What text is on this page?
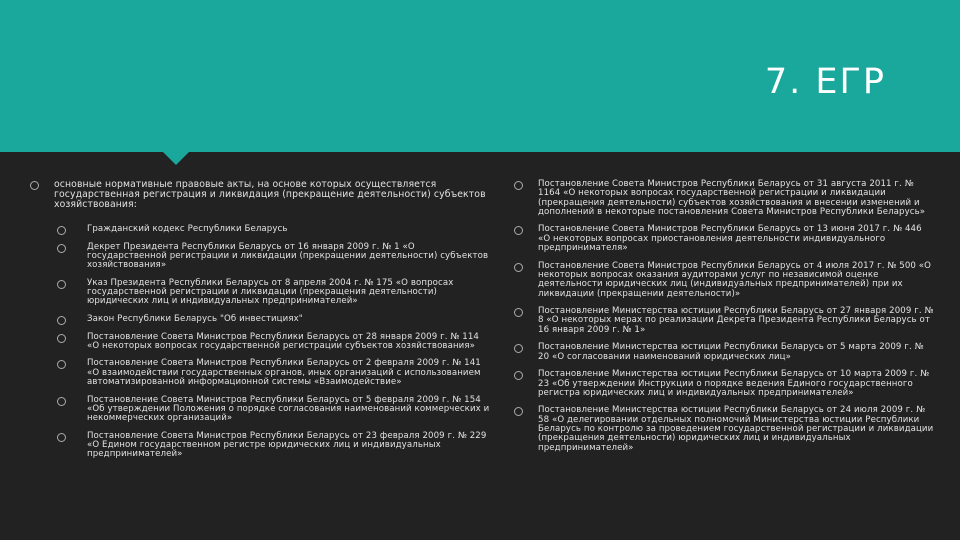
7. ЕГР
основные нормативные правовые акты, на основе которых осуществляется государственная регистрация и ликвидация (прекращение деятельности) субъектов хозяйствования:
Гражданский кодекс Республики Беларусь
Декрет Президента Республики Беларусь от 16 января 2009 г. № 1 «О государственной регистрации и ликвидации (прекращении деятельности) субъектов хозяйствования»
Указ Президента Республики Беларусь от 8 апреля 2004 г. № 175 «О вопросах государственной регистрации и ликвидации (прекращения деятельности) юридических лиц и индивидуальных предпринимателей»
Закон Республики Беларусь "Об инвестициях"
Постановление Совета Министров Республики Беларусь от 28 января 2009 г. № 114 «О некоторых вопросах государственной регистрации субъектов хозяйствования»
Постановление Совета Министров Республики Беларусь от 2 февраля 2009 г. № 141 «О взаимодействии государственных органов, иных организаций с использованием автоматизированной информационной системы «Взаимодействие»
Постановление Совета Министров Республики Беларусь от 5 февраля 2009 г. № 154 «Об утверждении Положения о порядке согласования наименований коммерческих и некоммерческих организаций»
Постановление Совета Министров Республики Беларусь от 23 февраля 2009 г. № 229 «О Едином государственном регистре юридических лиц и индивидуальных предпринимателей»
Постановление Совета Министров Республики Беларусь от 31 августа 2011 г. № 1164 «О некоторых вопросах государственной регистрации и ликвидации (прекращения деятельности) субъектов хозяйствования и внесении изменений и дополнений в некоторые постановления Совета Министров Республики Беларусь»
Постановление Совета Министров Республики Беларусь от 13 июня 2017 г. № 446 «О некоторых вопросах приостановления деятельности индивидуального предпринимателя»
Постановление Совета Министров Республики Беларусь от 4 июля 2017 г. № 500 «О некоторых вопросах оказания аудиторами услуг по независимой оценке деятельности юридических лиц (индивидуальных предпринимателей) при их ликвидации (прекращении деятельности)»
Постановление Министерства юстиции Республики Беларусь от 27 января 2009 г. № 8 «О некоторых мерах по реализации Декрета Президента Республики Беларусь от 16 января 2009 г. № 1»
Постановление Министерства юстиции Республики Беларусь от 5 марта 2009 г. № 20 «О согласовании наименований юридических лиц»
Постановление Министерства юстиции Республики Беларусь от 10 марта 2009 г. № 23 «Об утверждении Инструкции о порядке ведения Единого государственного регистра юридических лиц и индивидуальных предпринимателей»
Постановление Министерства юстиции Республики Беларусь от 24 июля 2009 г. № 58 «О делегировании отдельных полномочий Министерства юстиции Республики Беларусь по контролю за проведением государственной регистрации и ликвидации (прекращения деятельности) юридических лиц и индивидуальных предпринимателей»
